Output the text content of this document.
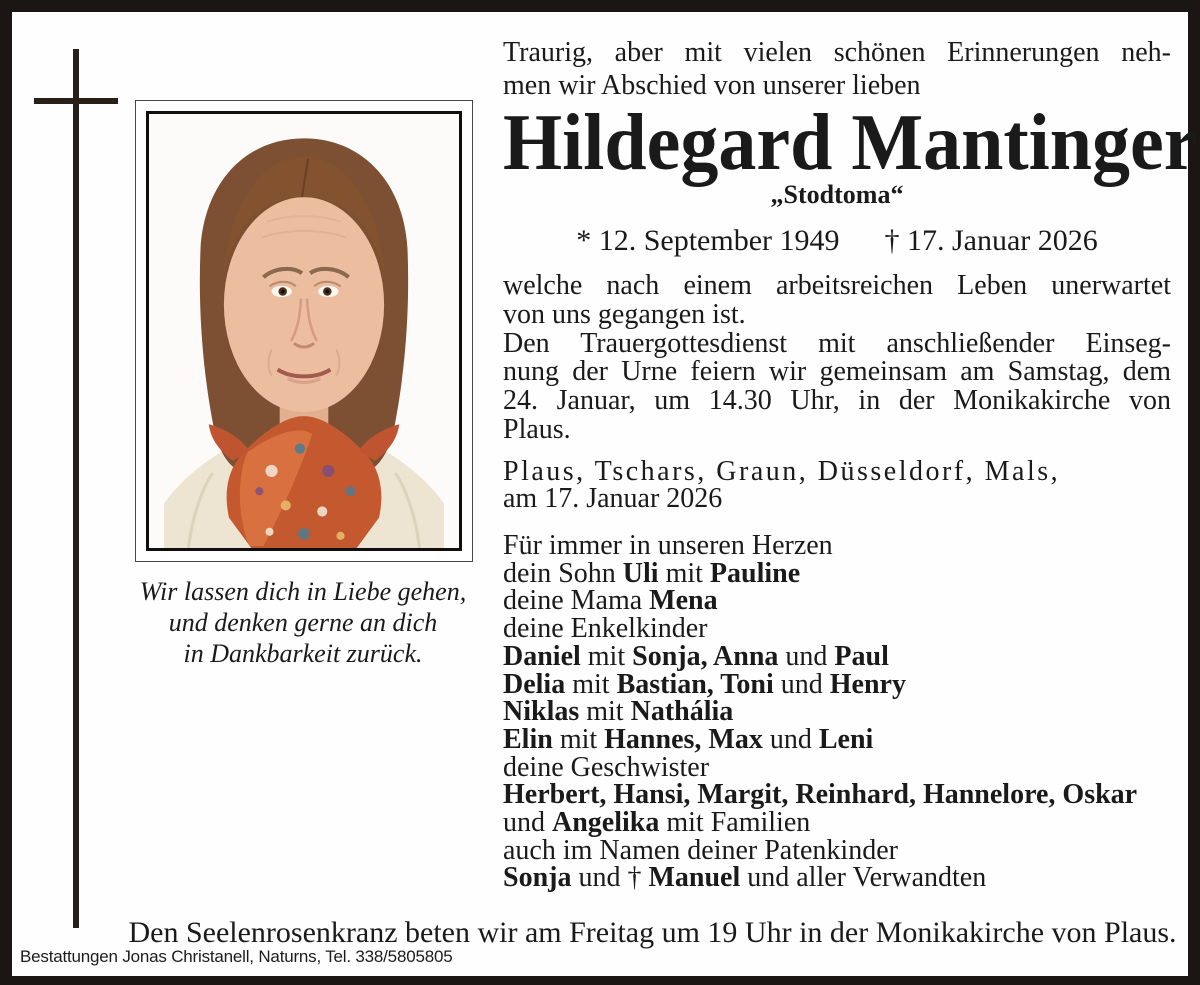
Wir lassen dich in Liebe gehen,
und denken gerne an dich
in Dankbarkeit zurück.
Traurig, aber mit vielen schönen Erinnerungen neh-
men wir Abschied von unserer lieben
Hildegard Mantinger
„Stodtoma“
* 12. September 1949 † 17. Januar 2026
welche nach einem arbeitsreichen Leben unerwartet
von uns gegangen ist.
Den Trauergottesdienst mit anschließender Einseg-
nung der Urne feiern wir gemeinsam am Samstag, dem
24. Januar, um 14.30 Uhr, in der Monikakirche von
Plaus.
Plaus, Tschars, Graun, Düsseldorf, Mals,
am 17. Januar 2026
Für immer in unseren Herzen
dein Sohn Uli mit Pauline
deine Mama Mena
deine Enkelkinder
Daniel mit Sonja, Anna und Paul
Delia mit Bastian, Toni und Henry
Niklas mit Nathália
Elin mit Hannes, Max und Leni
deine Geschwister
Herbert, Hansi, Margit, Reinhard, Hannelore, Oskar
und Angelika mit Familien
auch im Namen deiner Patenkinder
Sonja und † Manuel und aller Verwandten
Den Seelenrosenkranz beten wir am Freitag um 19 Uhr in der Monikakirche von Plaus.
Bestattungen Jonas Christanell, Naturns, Tel. 338/5805805
